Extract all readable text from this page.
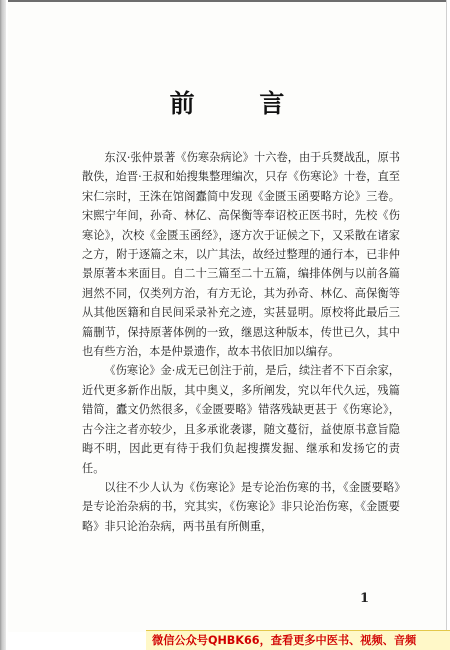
前 言

东汉·张仲景著《伤寒杂病论》十六卷，由于兵燹战乱，原书散佚，迨晋·王叔和始搜集整理编次，只存《伤寒论》十卷，直至宋仁宗时，王洙在馆阁蠹简中发现《金匮玉函要略方论》三卷。宋熙宁年间，孙奇、林亿、高保衡等奉诏校正医书时，先校《伤寒论》，次校《金匮玉函经》，逐方次于证候之下，又采散在诸家之方，附于逐篇之末，以广其法，故经过整理的通行本，已非仲景原著本来面目。自二十三篇至二十五篇，编排体例与以前各篇迥然不同，仅类列方治，有方无论，其为孙奇、林亿、高保衡等从其他医籍和自民间采录补充之迹，实甚显明。原校将此最后三篇删节，保持原著体例的一致，继恩这种版本，传世已久，其中也有些方治，本是仲景遗作，故本书依旧加以编存。

《伤寒论》金·成无已创注于前，是后，续注者不下百余家，近代更多新作出版，其中奥义，多所阐发，究以年代久远，残篇错简，蠹文仍然很多，《金匮要略》错落残缺更甚于《伤寒论》，古今注之者亦较少，且多承讹袭谬，随文蔓衍，益使原书意旨隐晦不明，因此更有待于我们负起搜撰发掘、继承和发扬它的责任。

以往不少人认为《伤寒论》是专论治伤寒的书，《金匮要略》是专论治杂病的书，究其实，《伤寒论》非只论治伤寒，《金匮要略》非只论治杂病，两书虽有所侧重，

1
微信公众号QHBK66，查看更多中医书、视频、音频
